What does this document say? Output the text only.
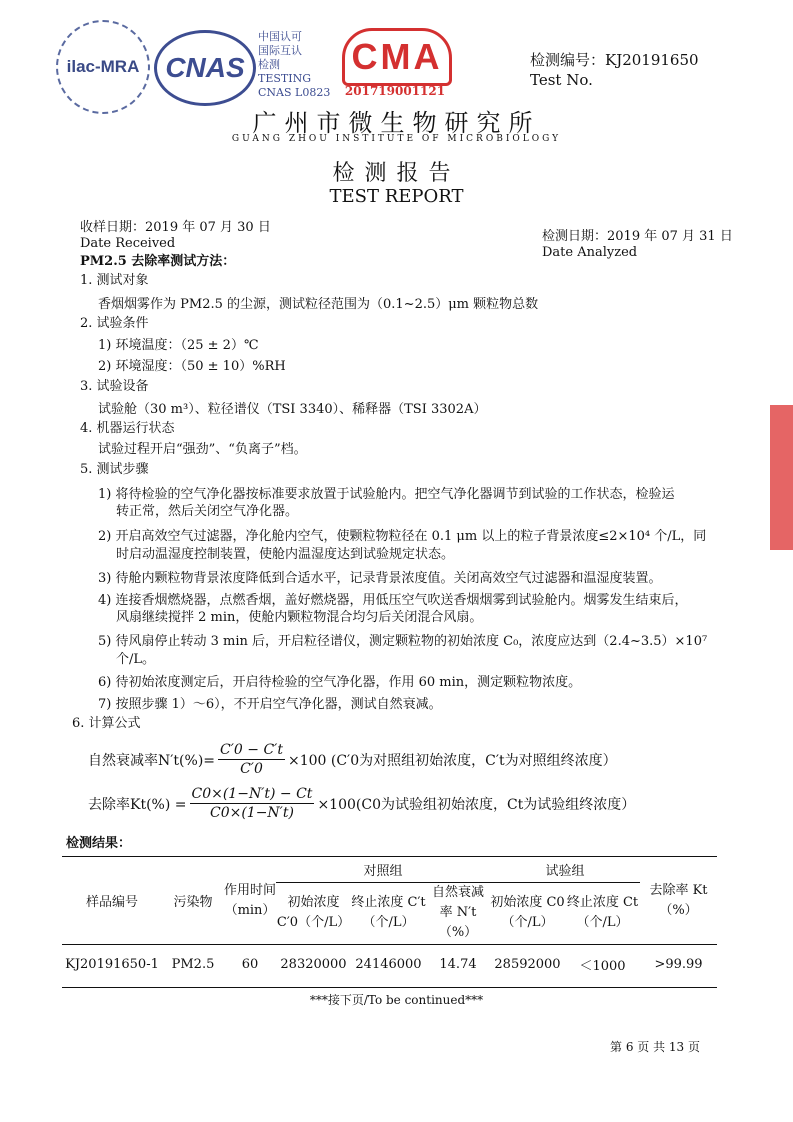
ilac-MRA CNAS
中国认可
国际互认
检测
TESTING
CNAS L0823
CMA
201719001121
检测编号：KJ20191650
Test No.
广州市微生物研究所
GUANG ZHOU INSTITUTE OF MICROBIOLOGY
检测报告
TEST REPORT
收样日期：2019 年 07 月 30 日
Date Received	检测日期：2019 年 07 月 31 日
Date Analyzed
PM2.5 去除率测试方法：
1. 测试对象
香烟烟雾作为 PM2.5 的尘源，测试粒径范围为（0.1~2.5）μm 颗粒物总数
2. 试验条件
1) 环境温度：（25 ± 2）℃
2) 环境湿度：（50 ± 10）%RH
3. 试验设备
试验舱（30 m³）、粒径谱仪（TSI 3340）、稀释器（TSI 3302A）
4. 机器运行状态
试验过程开启“强劲”、“负离子”档。
5. 测试步骤
1) 将待检验的空气净化器按标准要求放置于试验舱内。把空气净化器调节到试验的工作状态，检验运
转正常，然后关闭空气净化器。
2) 开启高效空气过滤器，净化舱内空气，使颗粒物粒径在 0.1 μm 以上的粒子背景浓度≤2×10⁴ 个/L，同
时启动温湿度控制装置，使舱内温湿度达到试验规定状态。
3) 待舱内颗粒物背景浓度降低到合适水平，记录背景浓度值。关闭高效空气过滤器和温湿度装置。
4) 连接香烟燃烧器，点燃香烟，盖好燃烧器，用低压空气吹送香烟烟雾到试验舱内。烟雾发生结束后，
风扇继续搅拌 2 min，使舱内颗粒物混合均匀后关闭混合风扇。
5) 待风扇停止转动 3 min 后，开启粒径谱仪，测定颗粒物的初始浓度 C₀，浓度应达到（2.4~3.5）×10⁷
个/L。
6) 待初始浓度测定后，开启待检验的空气净化器，作用 60 min，测定颗粒物浓度。
7) 按照步骤 1）～6），不开启空气净化器，测试自然衰减。
6. 计算公式
自然衰减率$N't(\%)= \frac{C'0 - C't}{C'0} \times 100$ (C′0为对照组初始浓度，C′t为对照组终浓度）
去除率$Kt(\%) = \frac{C0\times(1-N't) - Ct}{C0\times(1-N't)} \times 100(C0$为试验组初始浓度，Ct为试验组终浓度）
检测结果：
样品编号	污染物	作用时间（min）	对照组			试验组		去除率 Kt（%）
			初始浓度 C′0（个/L）	终止浓度 C′t（个/L）	自然衰减率 N′t（%）	初始浓度 C0（个/L）	终止浓度 Ct（个/L）	
KJ20191650-1	PM2.5	60	28320000	24146000	14.74	28592000	＜1000	>99.99
***接下页/To be continued***
第 6 页 共 13 页
